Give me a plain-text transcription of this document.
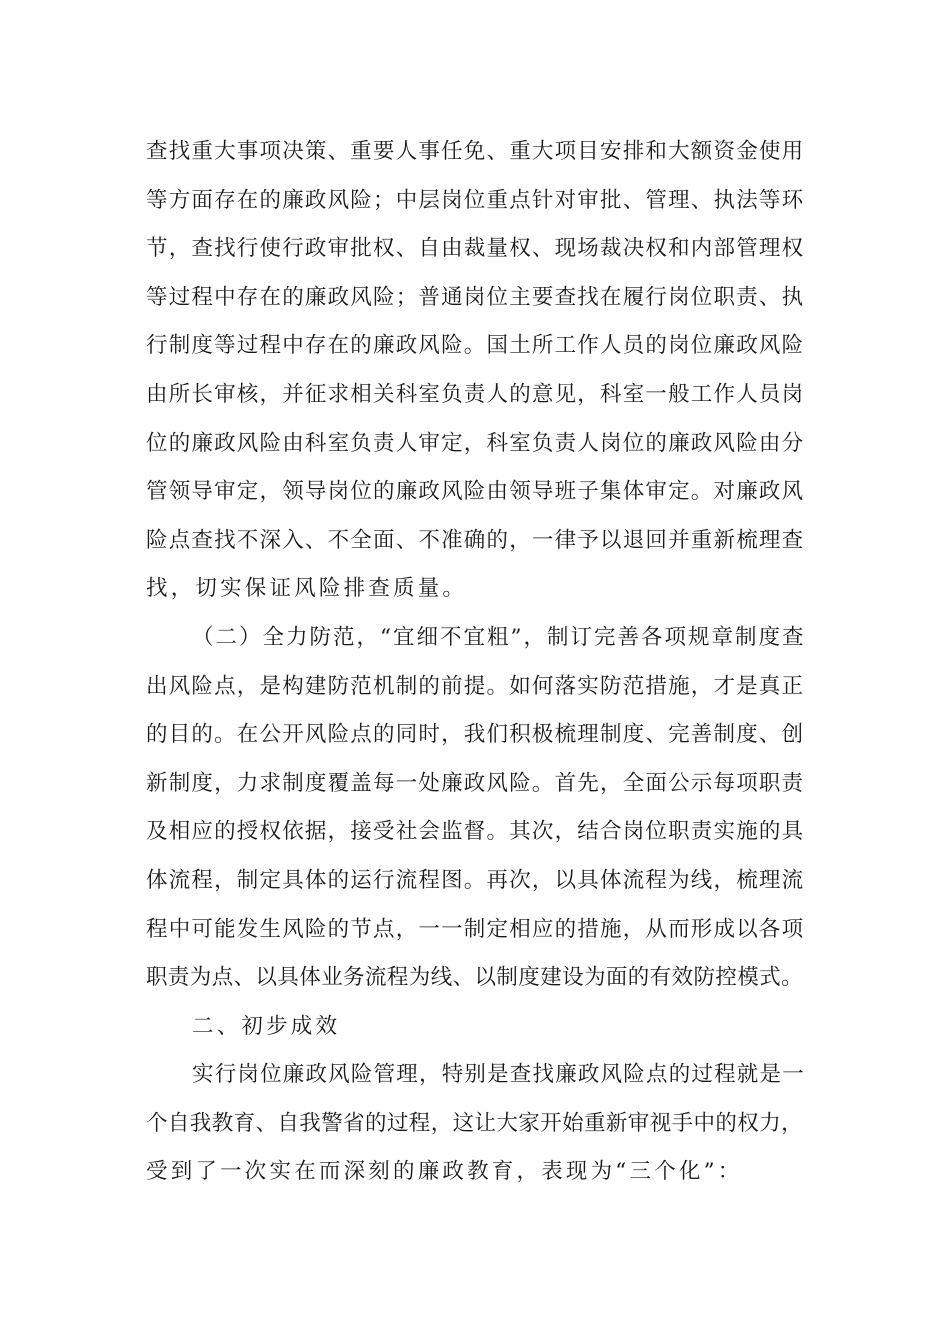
查找重大事项决策、重要人事任免、重大项目安排和大额资金使用
等方面存在的廉政风险；中层岗位重点针对审批、管理、执法等环
节，查找行使行政审批权、自由裁量权、现场裁决权和内部管理权
等过程中存在的廉政风险；普通岗位主要查找在履行岗位职责、执
行制度等过程中存在的廉政风险。国土所工作人员的岗位廉政风险
由所长审核，并征求相关科室负责人的意见，科室一般工作人员岗
位的廉政风险由科室负责人审定，科室负责人岗位的廉政风险由分
管领导审定，领导岗位的廉政风险由领导班子集体审定。对廉政风
险点查找不深入、不全面、不准确的，一律予以退回并重新梳理查
找，切实保证风险排查质量。
（二）全力防范，“宜细不宜粗”，制订完善各项规章制度查
出风险点，是构建防范机制的前提。如何落实防范措施，才是真正
的目的。在公开风险点的同时，我们积极梳理制度、完善制度、创
新制度，力求制度覆盖每一处廉政风险。首先，全面公示每项职责
及相应的授权依据，接受社会监督。其次，结合岗位职责实施的具
体流程，制定具体的运行流程图。再次，以具体流程为线，梳理流
程中可能发生风险的节点，一一制定相应的措施，从而形成以各项
职责为点、以具体业务流程为线、以制度建设为面的有效防控模式。
二、初步成效
实行岗位廉政风险管理，特别是查找廉政风险点的过程就是一
个自我教育、自我警省的过程，这让大家开始重新审视手中的权力，
受到了一次实在而深刻的廉政教育，表现为“三个化”：
